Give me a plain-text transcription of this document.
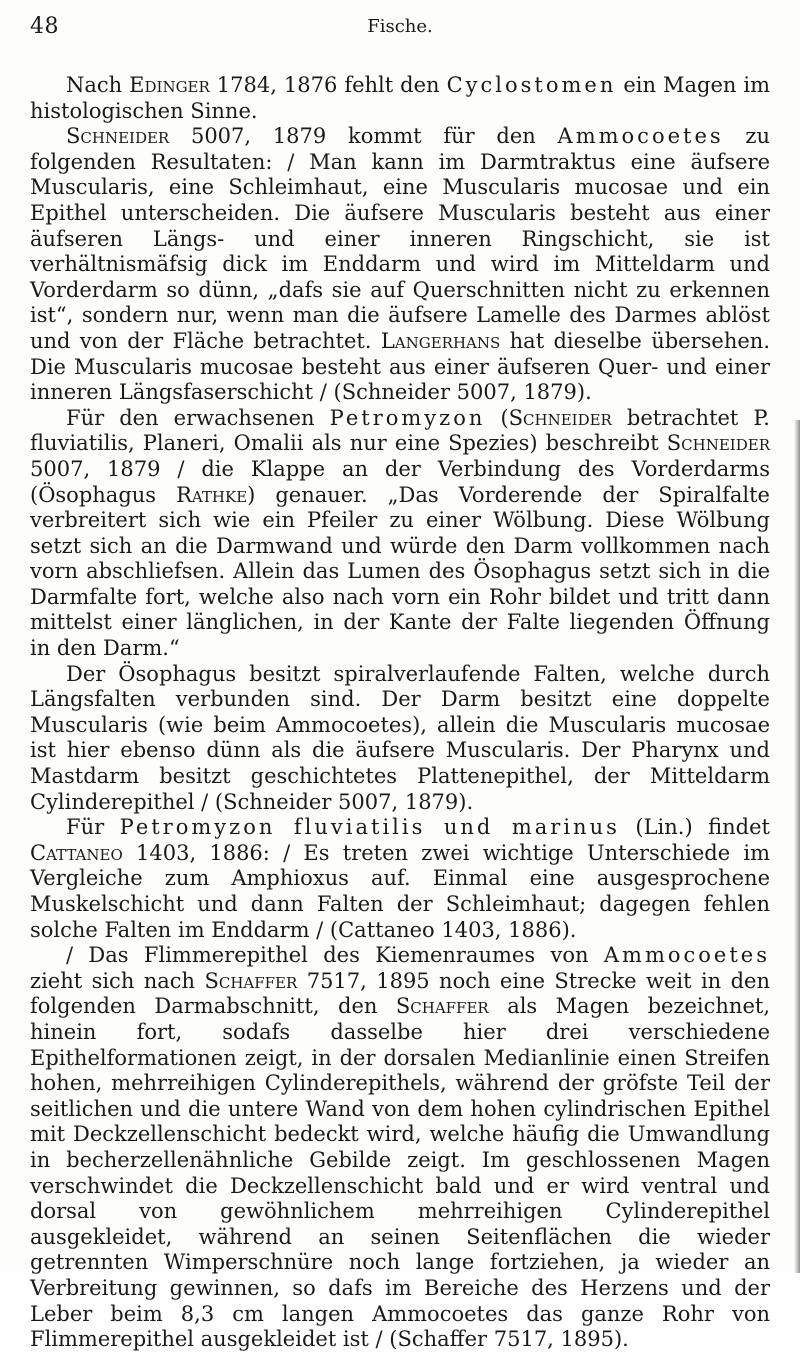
48	Fische.

Nach Edinger 1784, 1876 fehlt den Cyclostomen ein Magen im histologischen Sinne.

Schneider 5007, 1879 kommt für den Ammocoetes zu folgenden Resultaten: / Man kann im Darmtraktus eine äufsere Muscularis, eine Schleimhaut, eine Muscularis mucosae und ein Epithel unterscheiden. Die äufsere Muscularis besteht aus einer äufseren Längs- und einer inneren Ringschicht, sie ist verhältnismäfsig dick im Enddarm und wird im Mitteldarm und Vorderdarm so dünn, „dafs sie auf Querschnitten nicht zu erkennen ist“, sondern nur, wenn man die äufsere Lamelle des Darmes ablöst und von der Fläche betrachtet. Langerhans hat dieselbe übersehen. Die Muscularis mucosae besteht aus einer äufseren Quer- und einer inneren Längsfaserschicht / (Schneider 5007, 1879).

Für den erwachsenen Petromyzon (Schneider betrachtet P. fluviatilis, Planeri, Omalii als nur eine Spezies) beschreibt Schneider 5007, 1879 / die Klappe an der Verbindung des Vorderdarms (Ösophagus Rathke) genauer. „Das Vorderende der Spiralfalte verbreitert sich wie ein Pfeiler zu einer Wölbung. Diese Wölbung setzt sich an die Darmwand und würde den Darm vollkommen nach vorn abschliefsen. Allein das Lumen des Ösophagus setzt sich in die Darmfalte fort, welche also nach vorn ein Rohr bildet und tritt dann mittelst einer länglichen, in der Kante der Falte liegenden Öffnung in den Darm.“

Der Ösophagus besitzt spiralverlaufende Falten, welche durch Längsfalten verbunden sind. Der Darm besitzt eine doppelte Muscularis (wie beim Ammocoetes), allein die Muscularis mucosae ist hier ebenso dünn als die äufsere Muscularis. Der Pharynx und Mastdarm besitzt geschichtetes Plattenepithel, der Mitteldarm Cylinderepithel / (Schneider 5007, 1879).

Für Petromyzon fluviatilis und marinus (Lin.) findet Cattaneo 1403, 1886: / Es treten zwei wichtige Unterschiede im Vergleiche zum Amphioxus auf. Einmal eine ausgesprochene Muskelschicht und dann Falten der Schleimhaut; dagegen fehlen solche Falten im Enddarm / (Cattaneo 1403, 1886).

/ Das Flimmerepithel des Kiemenraumes von Ammocoetes zieht sich nach Schaffer 7517, 1895 noch eine Strecke weit in den folgenden Darmabschnitt, den Schaffer als Magen bezeichnet, hinein fort, sodafs dasselbe hier drei verschiedene Epithelformationen zeigt, in der dorsalen Medianlinie einen Streifen hohen, mehrreihigen Cylinderepithels, während der gröfste Teil der seitlichen und die untere Wand von dem hohen cylindrischen Epithel mit Deckzellenschicht bedeckt wird, welche häufig die Umwandlung in becherzellenähnliche Gebilde zeigt. Im geschlossenen Magen verschwindet die Deckzellenschicht bald und er wird ventral und dorsal von gewöhnlichem mehrreihigen Cylinderepithel ausgekleidet, während an seinen Seitenflächen die wieder getrennten Wimperschnüre noch lange fortziehen, ja wieder an Verbreitung gewinnen, so dafs im Bereiche des Herzens und der Leber beim 8,3 cm langen Ammocoetes das ganze Rohr von Flimmerepithel ausgekleidet ist / (Schaffer 7517, 1895).
